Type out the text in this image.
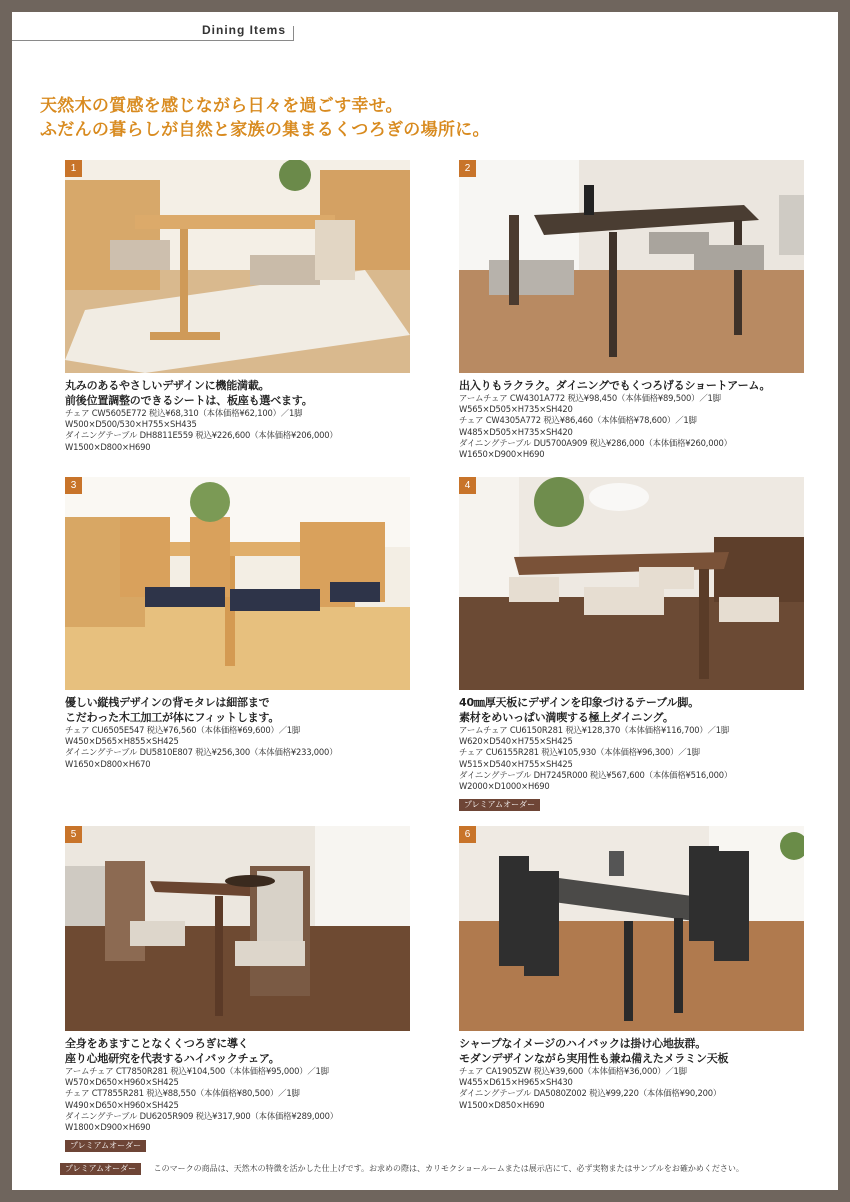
Dining Items
天然木の質感を感じながら日々を過ごす幸せ。
ふだんの暮らしが自然と家族の集まるくつろぎの場所に。
1
丸みのあるやさしいデザインに機能満載。
前後位置調整のできるシートは、板座も選べます。
チェア CW5605E772 税込¥68,310（本体価格¥62,100）／1脚
W500×D500/530×H755×SH435
ダイニングテーブル DH8811E559 税込¥226,600（本体価格¥206,000）
W1500×D800×H690
2
出入りもラクラク。ダイニングでもくつろげるショートアーム。
アームチェア CW4301A772 税込¥98,450（本体価格¥89,500）／1脚
W565×D505×H735×SH420
チェア CW4305A772 税込¥86,460（本体価格¥78,600）／1脚
W485×D505×H735×SH420
ダイニングテーブル DU5700A909 税込¥286,000（本体価格¥260,000）
W1650×D900×H690
3
優しい縦桟デザインの背モタレは細部まで
こだわった木工加工が体にフィットします。
チェア CU6505E547 税込¥76,560（本体価格¥69,600）／1脚
W450×D565×H855×SH425
ダイニングテーブル DU5810E807 税込¥256,300（本体価格¥233,000）
W1650×D800×H670
4
40㎜厚天板にデザインを印象づけるテーブル脚。
素材をめいっぱい満喫する極上ダイニング。
アームチェア CU6150R281 税込¥128,370（本体価格¥116,700）／1脚
W620×D540×H755×SH425
チェア CU6155R281 税込¥105,930（本体価格¥96,300）／1脚
W515×D540×H755×SH425
ダイニングテーブル DH7245R000 税込¥567,600（本体価格¥516,000）
W2000×D1000×H690
プレミアムオーダー
5
全身をあますことなくくつろぎに導く
座り心地研究を代表するハイバックチェア。
アームチェア CT7850R281 税込¥104,500（本体価格¥95,000）／1脚
W570×D650×H960×SH425
チェア CT7855R281 税込¥88,550（本体価格¥80,500）／1脚
W490×D650×H960×SH425
ダイニングテーブル DU6205R909 税込¥317,900（本体価格¥289,000）
W1800×D900×H690
プレミアムオーダー
6
シャープなイメージのハイバックは掛け心地抜群。
モダンデザインながら実用性も兼ね備えたメラミン天板
チェア CA1905ZW 税込¥39,600（本体価格¥36,000）／1脚
W455×D615×H965×SH430
ダイニングテーブル DA5080Z002 税込¥99,220（本体価格¥90,200）
W1500×D850×H690
プレミアムオーダー このマークの商品は、天然木の特徴を活かした仕上げです。お求めの際は、カリモクショールームまたは展示店にて、必ず実物またはサンプルをお確かめください。
